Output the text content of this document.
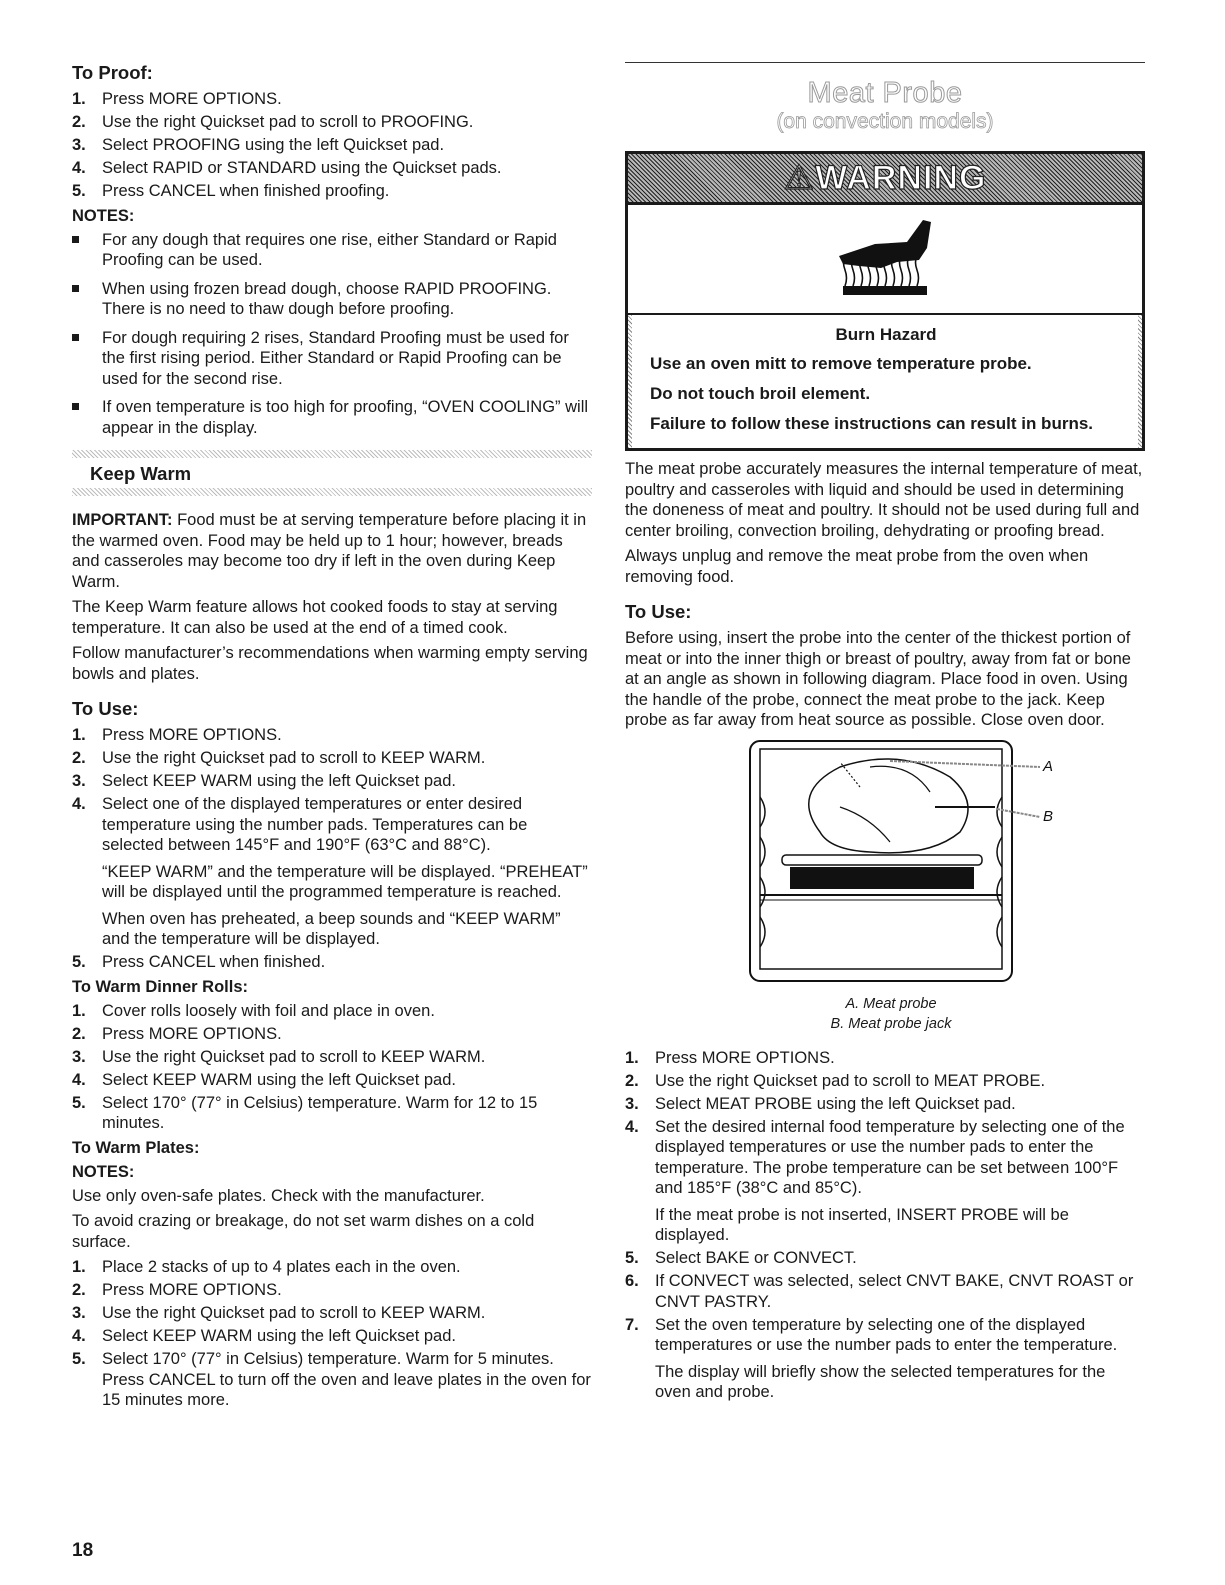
To Proof:
1. Press MORE OPTIONS.
2. Use the right Quickset pad to scroll to PROOFING.
3. Select PROOFING using the left Quickset pad.
4. Select RAPID or STANDARD using the Quickset pads.
5. Press CANCEL when finished proofing.
NOTES:
For any dough that requires one rise, either Standard or Rapid Proofing can be used.
When using frozen bread dough, choose RAPID PROOFING. There is no need to thaw dough before proofing.
For dough requiring 2 rises, Standard Proofing must be used for the first rising period. Either Standard or Rapid Proofing can be used for the second rise.
If oven temperature is too high for proofing, “OVEN COOLING” will appear in the display.
Keep Warm

IMPORTANT: Food must be at serving temperature before placing it in the warmed oven. Food may be held up to 1 hour; however, breads and casseroles may become too dry if left in the oven during Keep Warm.

The Keep Warm feature allows hot cooked foods to stay at serving temperature. It can also be used at the end of a timed cook.

Follow manufacturer’s recommendations when warming empty serving bowls and plates.

To Use:
1. Press MORE OPTIONS.
2. Use the right Quickset pad to scroll to KEEP WARM.
3. Select KEEP WARM using the left Quickset pad.
4. Select one of the displayed temperatures or enter desired temperature using the number pads. Temperatures can be selected between 145°F and 190°F (63°C and 88°C).
“KEEP WARM” and the temperature will be displayed. “PREHEAT” will be displayed until the programmed temperature is reached.
When oven has preheated, a beep sounds and “KEEP WARM” and the temperature will be displayed.
5. Press CANCEL when finished.
To Warm Dinner Rolls:
1. Cover rolls loosely with foil and place in oven.
2. Press MORE OPTIONS.
3. Use the right Quickset pad to scroll to KEEP WARM.
4. Select KEEP WARM using the left Quickset pad.
5. Select 170° (77° in Celsius) temperature. Warm for 12 to 15 minutes.
To Warm Plates:
NOTES:

Use only oven-safe plates. Check with the manufacturer.

To avoid crazing or breakage, do not set warm dishes on a cold surface.

1. Place 2 stacks of up to 4 plates each in the oven.
2. Press MORE OPTIONS.
3. Use the right Quickset pad to scroll to KEEP WARM.
4. Select KEEP WARM using the left Quickset pad.
5. Select 170° (77° in Celsius) temperature. Warm for 5 minutes. Press CANCEL to turn off the oven and leave plates in the oven for 15 minutes more.
Meat Probe
(on convection models)
⚠WARNING
Burn Hazard
Use an oven mitt to remove temperature probe.
Do not touch broil element.
Failure to follow these instructions can result in burns.

The meat probe accurately measures the internal temperature of meat, poultry and casseroles with liquid and should be used in determining the doneness of meat and poultry. It should not be used during full and center broiling, convection broiling, dehydrating or proofing bread.

Always unplug and remove the meat probe from the oven when removing food.

To Use:

Before using, insert the probe into the center of the thickest portion of meat or into the inner thigh or breast of poultry, away from fat or bone at an angle as shown in following diagram. Place food in oven. Using the handle of the probe, connect the meat probe to the jack. Keep probe as far away from heat source as possible. Close oven door.

A
B
A. Meat probe
B. Meat probe jack
1. Press MORE OPTIONS.
2. Use the right Quickset pad to scroll to MEAT PROBE.
3. Select MEAT PROBE using the left Quickset pad.
4. Set the desired internal food temperature by selecting one of the displayed temperatures or use the number pads to enter the temperature. The probe temperature can be set between 100°F and 185°F (38°C and 85°C).
If the meat probe is not inserted, INSERT PROBE will be displayed.
5. Select BAKE or CONVECT.
6. If CONVECT was selected, select CNVT BAKE, CNVT ROAST or CNVT PASTRY.
7. Set the oven temperature by selecting one of the displayed temperatures or use the number pads to enter the temperature.
The display will briefly show the selected temperatures for the oven and probe.
18
